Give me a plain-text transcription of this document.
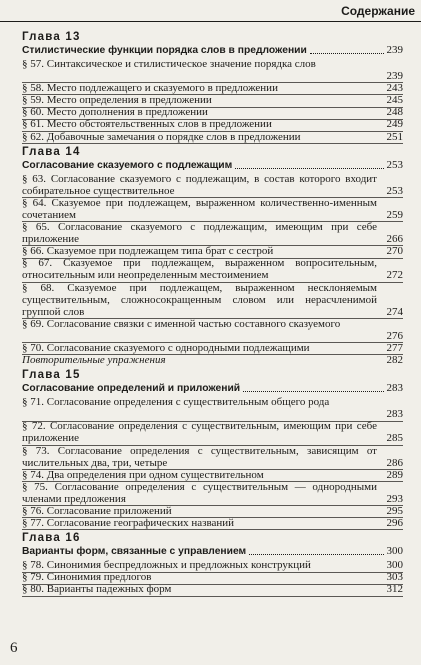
Содержание
Глава 13
Стилистические функции порядка слов в предложении	239
§ 57. Синтаксическое и стилистическое значение порядка слов
239
§ 58. Место подлежащего и сказуемого в предложении	243
§ 59. Место определения в предложении	245
§ 60. Место дополнения в предложении	248
§ 61. Место обстоятельственных слов в предложении	249
§ 62. Добавочные замечания о порядке слов в предложении	251
Глава 14
Согласование сказуемого с подлежащим	253
§ 63. Согласование сказуемого с подлежащим, в состав которого входит собирательное существительное	253
§ 64. Сказуемое при подлежащем, выраженном количественно-именным сочетанием	259
§ 65. Согласование сказуемого с подлежащим, имеющим при себе приложение	266
§ 66. Сказуемое при подлежащем типа брат с сестрой	270
§ 67. Сказуемое при подлежащем, выраженном вопросительным, относительным или неопределенным местоимением	272
§ 68. Сказуемое при подлежащем, выраженном несклоняемым существительным, сложносокращенным словом или нерасчленимой группой слов	274
§ 69. Согласование связки с именной частью составного сказуемого
276
§ 70. Согласование сказуемого с однородными подлежащими	277
Повторительные упражнения	282
Глава 15
Согласование определений и приложений	283
§ 71. Согласование определения с существительным общего рода
283
§ 72. Согласование определения с существительным, имеющим при себе приложение	285
§ 73. Согласование определения с существительным, зависящим от числительных два, три, четыре	286
§ 74. Два определения при одном существительном	289
§ 75. Согласование определения с существительным — однородными членами предложения	293
§ 76. Согласование приложений	295
§ 77. Согласование географических названий	296
Глава 16
Варианты форм, связанные с управлением	300
§ 78. Синонимия беспредложных и предложных конструкций	300
§ 79. Синонимия предлогов	303
§ 80. Варианты падежных форм	312
6
